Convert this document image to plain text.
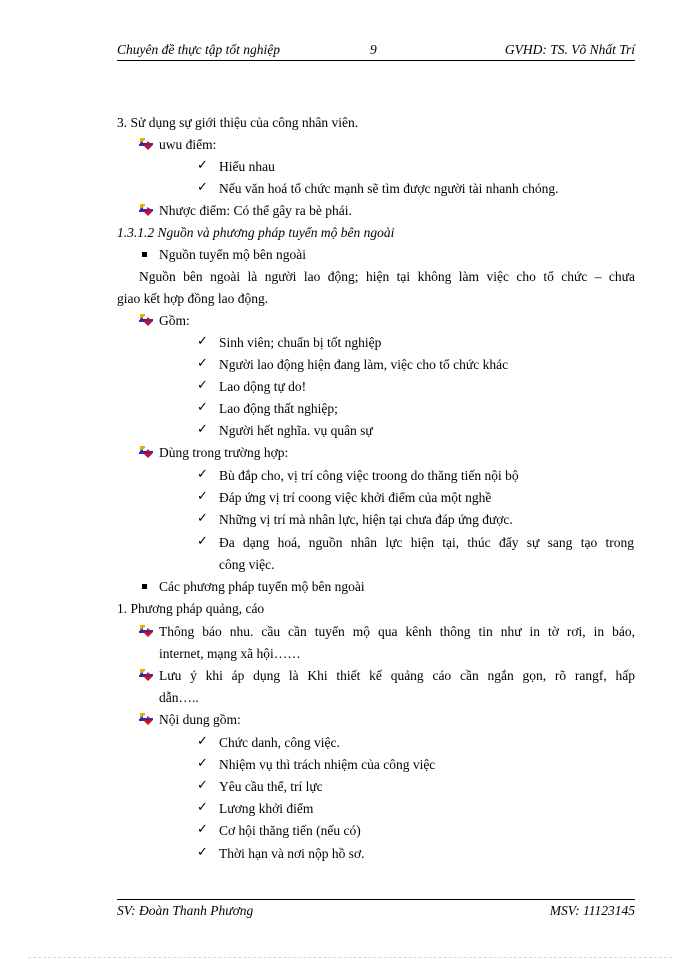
Chuyên đề thực tập tốt nghiệp	9	GVHD: TS. Võ Nhất Trí
3. Sử dụng sự giới thiệu của công nhân viên.
uwu điểm:
✓ Hiểu nhau
✓ Nếu văn hoá tổ chức mạnh sẽ tìm được người tài nhanh chóng.
Nhược điểm: Có thể gây ra bè phái.
1.3.1.2 Nguồn và phương pháp tuyển mộ bên ngoài
Nguồn tuyển mộ bên ngoài
Nguồn bên ngoài là người lao động; hiện tại không làm việc cho tổ chức – chưa
giao kết hợp đồng lao động.
Gồm:
✓ Sinh viên; chuẩn bị tốt nghiệp
✓ Người lao động hiện đang làm, việc cho tổ chức khác
✓ Lao dộng tự do!
✓ Lao động thất nghiệp;
✓ Người hết nghĩa. vụ quân sự
Dùng trong trường hợp:
✓ Bù đắp cho, vị trí công việc troong do thăng tiến nội bộ
✓ Đáp ứng vị trí coong việc khởi điểm của một nghề
✓ Những vị trí mà nhân lực, hiện tại chưa đáp ứng được.
✓ Đa dạng hoá, nguồn nhân lực hiện tại, thúc đẩy sự sang tạo trong
công việc.
Các phương pháp tuyển mộ bên ngoài
1. Phương pháp quảng, cáo
Thông báo nhu. cầu cần tuyển mộ qua kênh thông tin như in tờ rơi, in báo,
internet, mạng xã hội……
Lưu ý khi áp dụng là Khi thiết kế quảng cáo cần ngắn gọn, rõ rangf, hấp
dẫn…..
Nội dung gồm:
✓ Chức danh, công việc.
✓ Nhiệm vụ thì trách nhiệm của công việc
✓ Yêu cầu thể, trí lực
✓ Lương khởi điểm
✓ Cơ hội thăng tiến (nếu có)
✓ Thời hạn và nơi nộp hồ sơ.
SV: Đoàn Thanh Phương	MSV: 11123145
